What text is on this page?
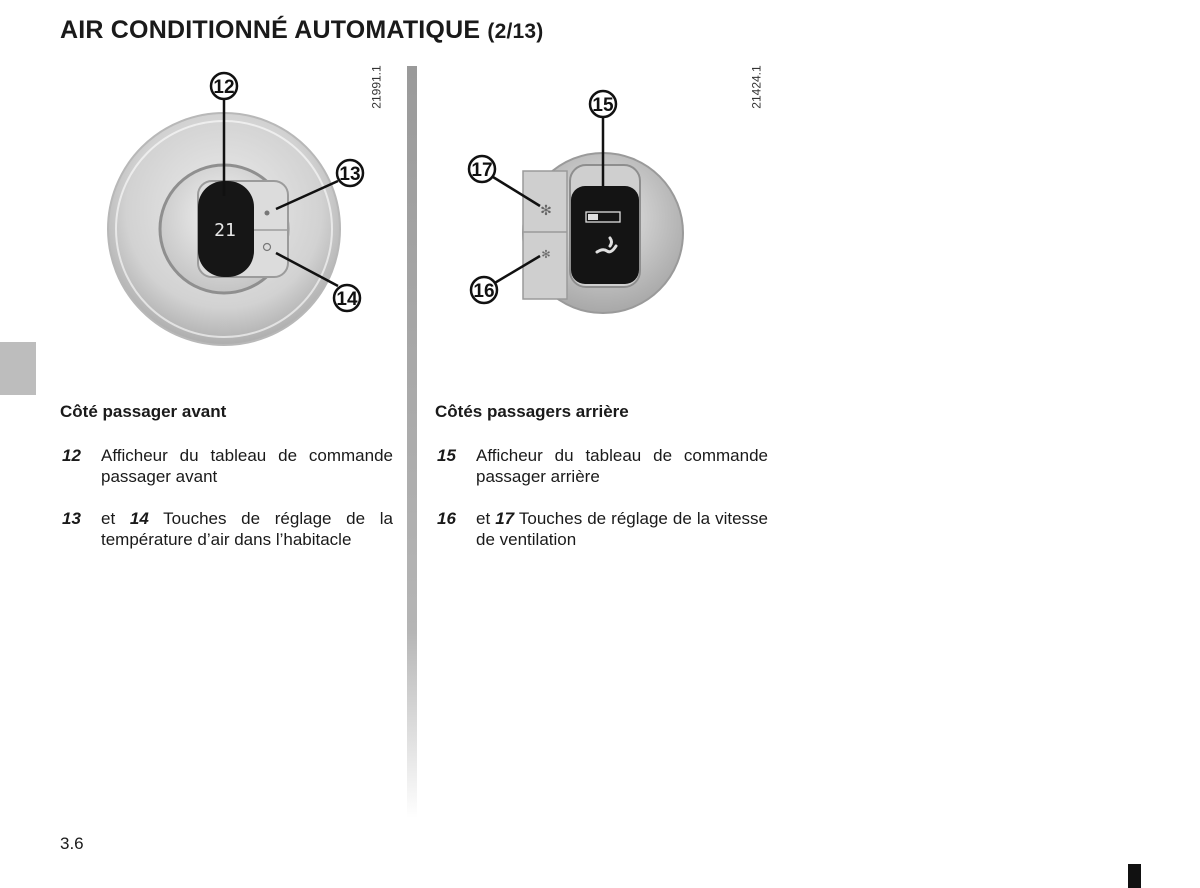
AIR CONDITIONNÉ AUTOMATIQUE (2/13)
21
12
13
14
21991.1
✻
✻
15
16
17
21424.1
Côté passager avant
12 Afficheur du tableau de commande passager avant
13 et 14 Touches de réglage de la température d’air dans l’habitacle
Côtés passagers arrière
15 Afficheur du tableau de commande passager arrière
16 et 17 Touches de réglage de la vitesse de ventilation
3.6
